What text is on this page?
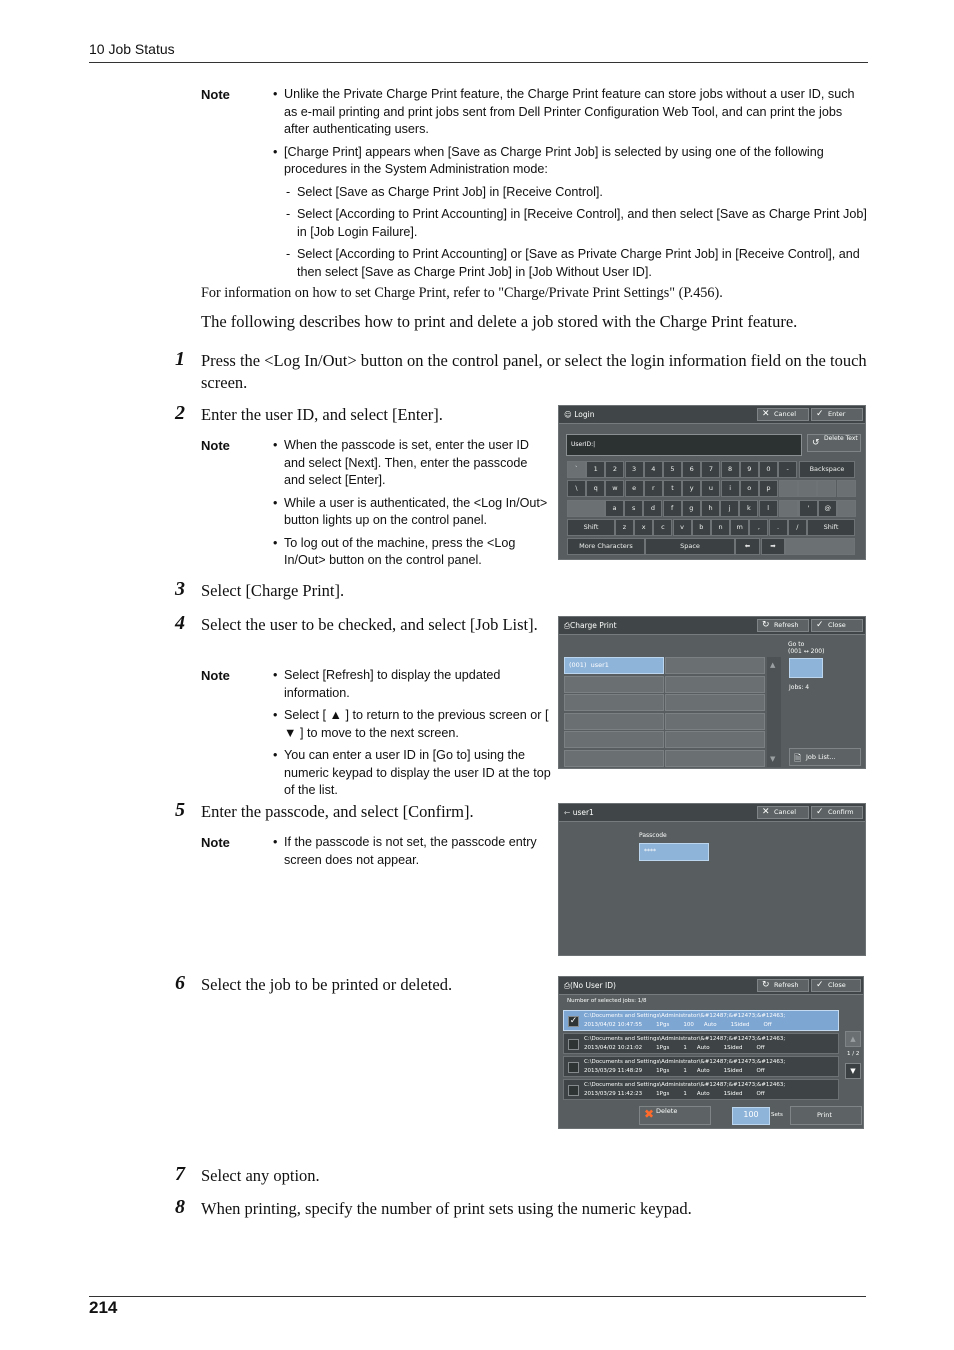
10 Job Status
Note	• Unlike the Private Charge Print feature, the Charge Print feature can store jobs without a user ID, such as e-mail printing and print jobs sent from Dell Printer Configuration Web Tool, and can print the jobs after authenticating users.
• [Charge Print] appears when [Save as Charge Print Job] is selected by using one of the following procedures in the System Administration mode:
- Select [Save as Charge Print Job] in [Receive Control].
- Select [According to Print Accounting] in [Receive Control], and then select [Save as Charge Print Job] in [Job Login Failure].
- Select [According to Print Accounting] or [Save as Private Charge Print Job] in [Receive Control], and then select [Save as Charge Print Job] in [Job Without User ID].
For information on how to set Charge Print, refer to "Charge/Private Print Settings" (P.456).
The following describes how to print and delete a job stored with the Charge Print feature.
1 Press the <Log In/Out> button on the control panel, or select the login information field on the touch screen.
2 Enter the user ID, and select [Enter].
Note	• When the passcode is set, enter the user ID and select [Next]. Then, enter the passcode and select [Enter].
• While a user is authenticated, the <Log In/Out> button lights up on the control panel.
• To log out of the machine, press the <Log In/Out> button on the control panel.
☺ Login	✕ Cancel	✓ Enter
UserID:|	↺ Delete Text
`	1	2	3	4	5	6	7	8	9	0	-	Backspace
\	q	w	e	r	t	y	u	i	o	p
a	s	d	f	g	h	j	k	l	'	@
Shift	z	x	c	v	b	n	m	,	.	/	Shift
More Characters	Space	⬅	➡
3 Select [Charge Print].
4 Select the user to be checked, and select [Job List].
Note	• Select [Refresh] to display the updated information.
• Select [ ▲ ] to return to the previous screen or [ ▼ ] to move to the next screen.
• You can enter a user ID in [Go to] using the numeric keypad to display the user ID at the top of the list.
⎙Charge Print	↻ Refresh	✓ Close
(001) user1	▲
▼
Go to
(001 ↔ 200)
Jobs: 4
🗎 Job List...
5 Enter the passcode, and select [Confirm].
Note	• If the passcode is not set, the passcode entry screen does not appear.
⇽ user1	✕ Cancel	✓ Confirm
Passcode
****
6 Select the job to be printed or deleted.	⎙(No User ID)	↻ Refresh	✓ Close
Number of selected jobs: 1/8
✓	C:\Documents and Settings\Administrator\&#12487;&#12473;&#12463;
2013/04/02 10:47:55	1Pgs	100 Auto	1Sided	Off
C:\Documents and Settings\Administrator\&#12487;&#12473;&#12463;
2013/04/02 10:21:02	1Pgs	1 Auto	1Sided	Off
C:\Documents and Settings\Administrator\&#12487;&#12473;&#12463;
2013/03/29 11:48:29	1Pgs	1 Auto	1Sided	Off
C:\Documents and Settings\Administrator\&#12487;&#12473;&#12463;
2013/03/29 11:42:23	1Pgs	1 Auto	1Sided	Off
▲
1 / 2
▼
✖ Delete	100	Sets	Print
7 Select any option.
8 When printing, specify the number of print sets using the numeric keypad.
214
